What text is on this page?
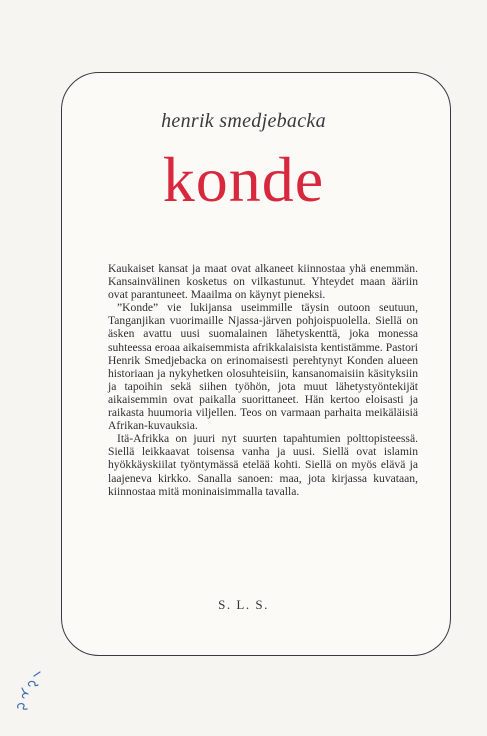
henrik smedjebacka
konde

Kaukaiset kansat ja maat ovat alkaneet kiinnostaa yhä enemmän. Kansainvälinen kosketus on vilkastunut. Yhteydet maan ääriin ovat parantuneet. Maailma on käynyt pieneksi.

”Konde” vie lukijansa useimmille täysin outoon seutuun, Tanganjikan vuorimaille Njassa-järven pohjoispuolella. Siellä on äsken avattu uusi suomalainen lähetyskenttä, joka monessa suhteessa eroaa aikaisemmista afrikkalaisista kentistämme. Pastori Henrik Smedjebacka on erinomaisesti perehtynyt Konden alueen historiaan ja nykyhetken olosuhteisiin, kansanomaisiin käsityksiin ja tapoihin sekä siihen työhön, jota muut lähetystyöntekijät aikaisemmin ovat paikalla suorittaneet. Hän kertoo eloisasti ja raikasta huumoria viljellen. Teos on varmaan parhaita meikäläisiä Afrikan-kuvauksia.

Itä-Afrikka on juuri nyt suurten tapahtumien polttopisteessä. Siellä leikkaavat toisensa vanha ja uusi. Siellä ovat islamin hyökkäyskiilat työntymässä etelää kohti. Siellä on myös elävä ja laajeneva kirkko. Sanalla sanoen: maa, jota kirjassa kuvataan, kiinnostaa mitä moninaisimmalla tavalla.

S. L. S.
